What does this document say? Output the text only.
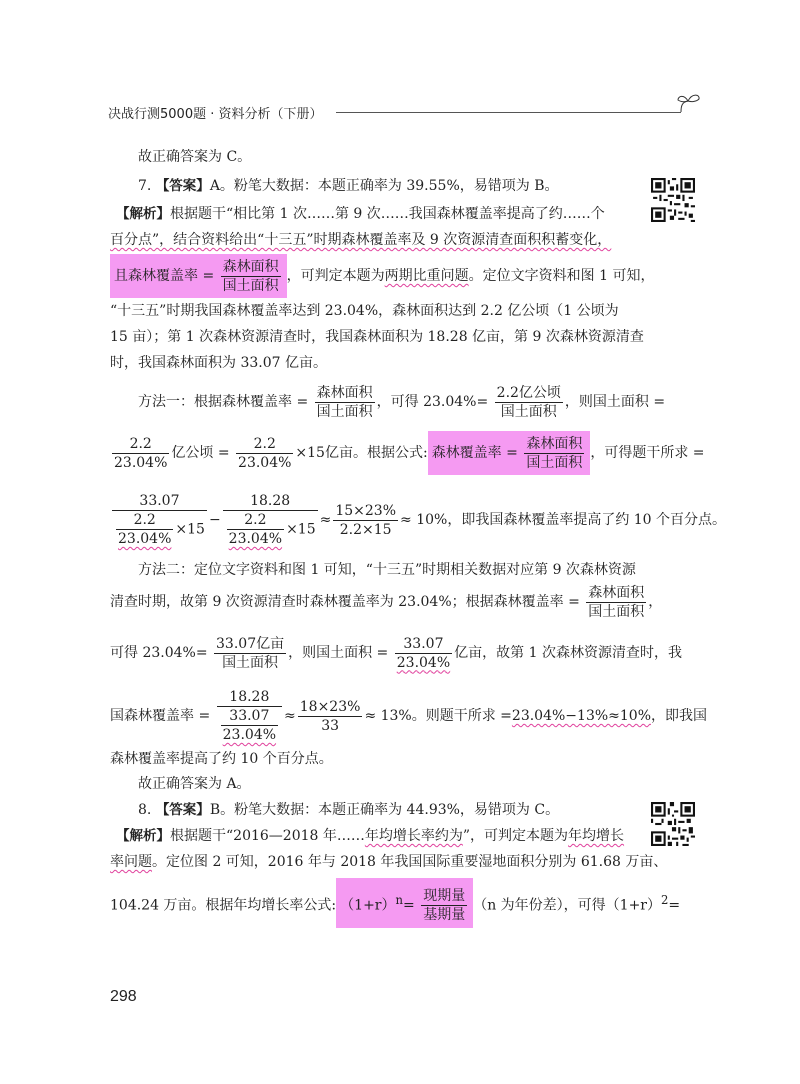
决战行测5000题 · 资料分析（下册）
故正确答案为 C。
7. 【答案】A。粉笔大数据：本题正确率为 39.55%，易错项为 B。
【解析】根据题干“相比第 1 次……第 9 次……我国森林覆盖率提高了约……个
百分点”，结合资料给出“十三五”时期森林覆盖率及 9 次资源清查面积积蓄变化，
且森林覆盖率 = $\frac{\text{森林面积}}{\text{国土面积}}$ ，可判定本题为两期比重问题。定位文字资料和图 1 可知，
“十三五”时期我国森林覆盖率达到 23.04%，森林面积达到 2.2 亿公顷（1 公顷为
15 亩）；第 1 次森林资源清查时，我国森林面积为 18.28 亿亩，第 9 次森林资源清查
时，我国森林面积为 33.07 亿亩。
方法一：根据森林覆盖率 = $\frac{\text{森林面积}}{\text{国土面积}}$ ，可得 $23.04\%= \frac{\text{2.2亿公顷}}{\text{国土面积}}$ ，则国土面积 =
$\frac{2.2}{23.04\%}$ 亿公顷 = $\frac{2.2}{23.04\%} \times 15$亿亩。根据公式: 森林覆盖率 = $\frac{\text{森林面积}}{\text{国土面积}}$ ，可得题干所求 =
$\frac{33.07}{\frac{2.2}{23.04\%} \times 15} - \frac{18.28}{\frac{2.2}{23.04\%} \times 15} \approx \frac{15\times 23\%}{2.2\times 15} \approx 10\%$，即我国森林覆盖率提高了约 10 个百分点。
方法二：定位文字资料和图 1 可知，“十三五”时期相关数据对应第 9 次森林资源
清查时期，故第 9 次资源清查时森林覆盖率为 23.04%；根据森林覆盖率 = $\frac{\text{森林面积}}{\text{国土面积}}$ ，
可得 $23.04\%= \frac{\text{33.07亿亩}}{\text{国土面积}}$ ，则国土面积 = $\frac{33.07}{23.04\%}$ 亿亩，故第 1 次森林资源清查时，我
国森林覆盖率 = $\frac{18.28}{\frac{33.07}{23.04\%}} \approx \frac{18\times 23\%}{33} \approx 13\%$。则题干所求 =23.04%−13%≈10%，即我国
森林覆盖率提高了约 10 个百分点。
故正确答案为 A。
8. 【答案】B。粉笔大数据：本题正确率为 44.93%，易错项为 C。
【解析】根据题干“2016—2018 年……年均增长率约为”，可判定本题为年均增长
率问题。定位图 2 可知，2016 年与 2018 年我国国际重要湿地面积分别为 61.68 万亩、
104.24 万亩。根据年均增长率公式: $(1+r)^n= \frac{\text{现期量}}{\text{基期量}} (n$ 为年份差），可得$(1+r)^2=$
298
